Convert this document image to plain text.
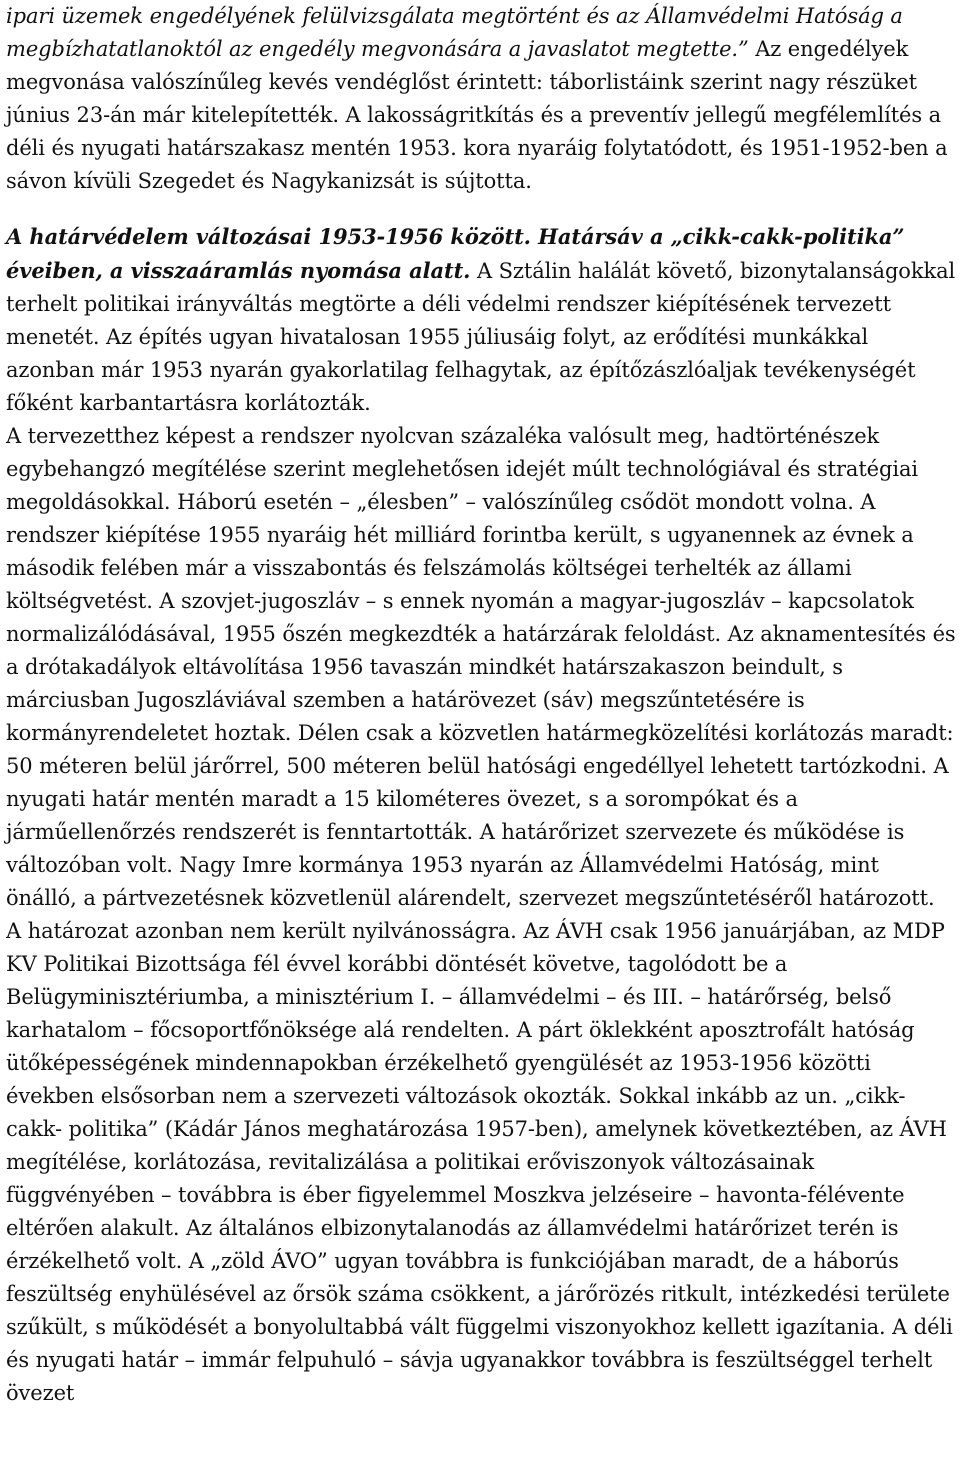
ipari üzemek engedélyének felülvizsgálata megtörtént és az Államvédelmi Hatóság a megbízhatatlanoktól az engedély megvonására a javaslatot megtette.” Az engedélyek megvonása valószínűleg kevés vendéglőst érintett: táborlistáink szerint nagy részüket június 23-án már kitelepítették. A lakosságritkítás és a preventív jellegű megfélemlítés a déli és nyugati határszakasz mentén 1953. kora nyaráig folytatódott, és 1951-1952-ben a sávon kívüli Szegedet és Nagykanizsát is sújtotta.

A határvédelem változásai 1953-1956 között. Határsáv a „cikk-cakk-politika” éveiben, a visszaáramlás nyomása alatt. A Sztálin halálát követő, bizonytalanságokkal terhelt politikai irányváltás megtörte a déli védelmi rendszer kiépítésének tervezett menetét. Az építés ugyan hivatalosan 1955 júliusáig folyt, az erődítési munkákkal azonban már 1953 nyarán gyakorlatilag felhagytak, az építőzászlóaljak tevékenységét főként karbantartásra korlátozták.

A tervezetthez képest a rendszer nyolcvan százaléka valósult meg, hadtörténészek egybehangzó megítélése szerint meglehetősen idejét múlt technológiával és stratégiai megoldásokkal. Háború esetén – „élesben” – valószínűleg csődöt mondott volna. A rendszer kiépítése 1955 nyaráig hét milliárd forintba került, s ugyanennek az évnek a második felében már a visszabontás és felszámolás költségei terhelték az állami költségvetést. A szovjet-jugoszláv – s ennek nyomán a magyar-jugoszláv – kapcsolatok normalizálódásával, 1955 őszén megkezdték a határzárak feloldást. Az aknamentesítés és a drótakadályok eltávolítása 1956 tavaszán mindkét határszakaszon beindult, s márciusban Jugoszláviával szemben a határövezet (sáv) megszűntetésére is kormányrendeletet hoztak. Délen csak a közvetlen határmegközelítési korlátozás maradt: 50 méteren belül járőrrel, 500 méteren belül hatósági engedéllyel lehetett tartózkodni. A nyugati határ mentén maradt a 15 kilométeres övezet, s a sorompókat és a járműellenőrzés rendszerét is fenntartották. A határőrizet szervezete és működése is változóban volt. Nagy Imre kormánya 1953 nyarán az Államvédelmi Hatóság, mint önálló, a pártvezetésnek közvetlenül alárendelt, szervezet megszűntetéséről határozott. A határozat azonban nem került nyilvánosságra. Az ÁVH csak 1956 januárjában, az MDP KV Politikai Bizottsága fél évvel korábbi döntését követve, tagolódott be a Belügyminisztériumba, a minisztérium I. – államvédelmi – és III. – határőrség, belső karhatalom – főcsoportfőnöksége alá rendelten. A párt öklekként aposztrofált hatóság ütőképességének mindennapokban érzékelhető gyengülését az 1953-1956 közötti években elsősorban nem a szervezeti változások okozták. Sokkal inkább az un. „cikk-cakk- politika” (Kádár János meghatározása 1957-ben), amelynek következtében, az ÁVH megítélése, korlátozása, revitalizálása a politikai erőviszonyok változásainak függvényében – továbbra is éber figyelemmel Moszkva jelzéseire – havonta-félévente eltérően alakult. Az általános elbizonytalanodás az államvédelmi határőrizet terén is érzékelhető volt. A „zöld ÁVO” ugyan továbbra is funkciójában maradt, de a háborús feszültség enyhülésével az őrsök száma csökkent, a járőrözés ritkult, intézkedési területe szűkült, s működését a bonyolultabbá vált függelmi viszonyokhoz kellett igazítania. A déli és nyugati határ – immár felpuhuló – sávja ugyanakkor továbbra is feszültséggel terhelt övezet
